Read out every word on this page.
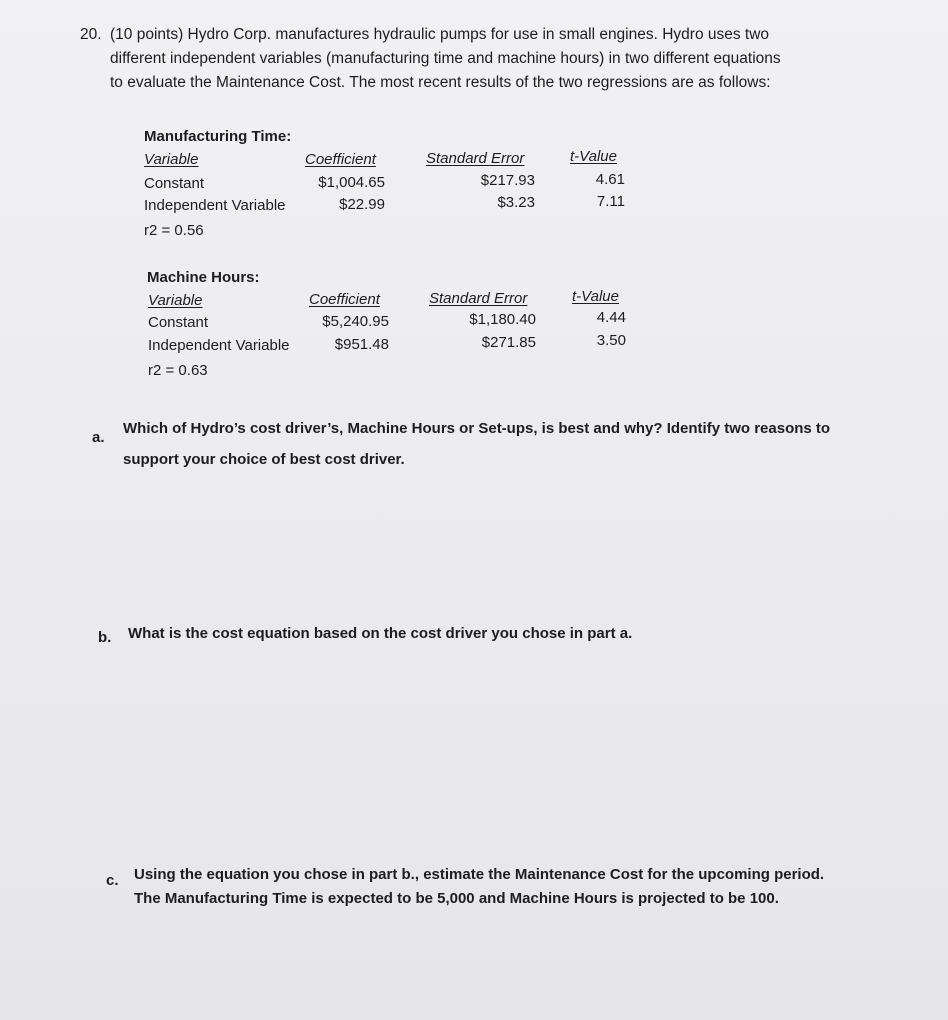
20. (10 points) Hydro Corp. manufactures hydraulic pumps for use in small engines. Hydro uses two
different independent variables (manufacturing time and machine hours) in two different equations
to evaluate the Maintenance Cost. The most recent results of the two regressions are as follows:
Manufacturing Time:
Variable	Coefficient	Standard Error	t-Value
Constant	$1,004.65	$217.93	4.61
Independent Variable	$22.99	$3.23	7.11
r2 = 0.56
Machine Hours:
Variable	Coefficient	Standard Error	t-Value
Constant	$5,240.95	$1,180.40	4.44
Independent Variable	$951.48	$271.85	3.50
r2 = 0.63
a.
Which of Hydro’s cost driver’s, Machine Hours or Set-ups, is best and why? Identify two reasons to
support your choice of best cost driver.
b. What is the cost equation based on the cost driver you chose in part a.
c. Using the equation you chose in part b., estimate the Maintenance Cost for the upcoming period.
The Manufacturing Time is expected to be 5,000 and Machine Hours is projected to be 100.
